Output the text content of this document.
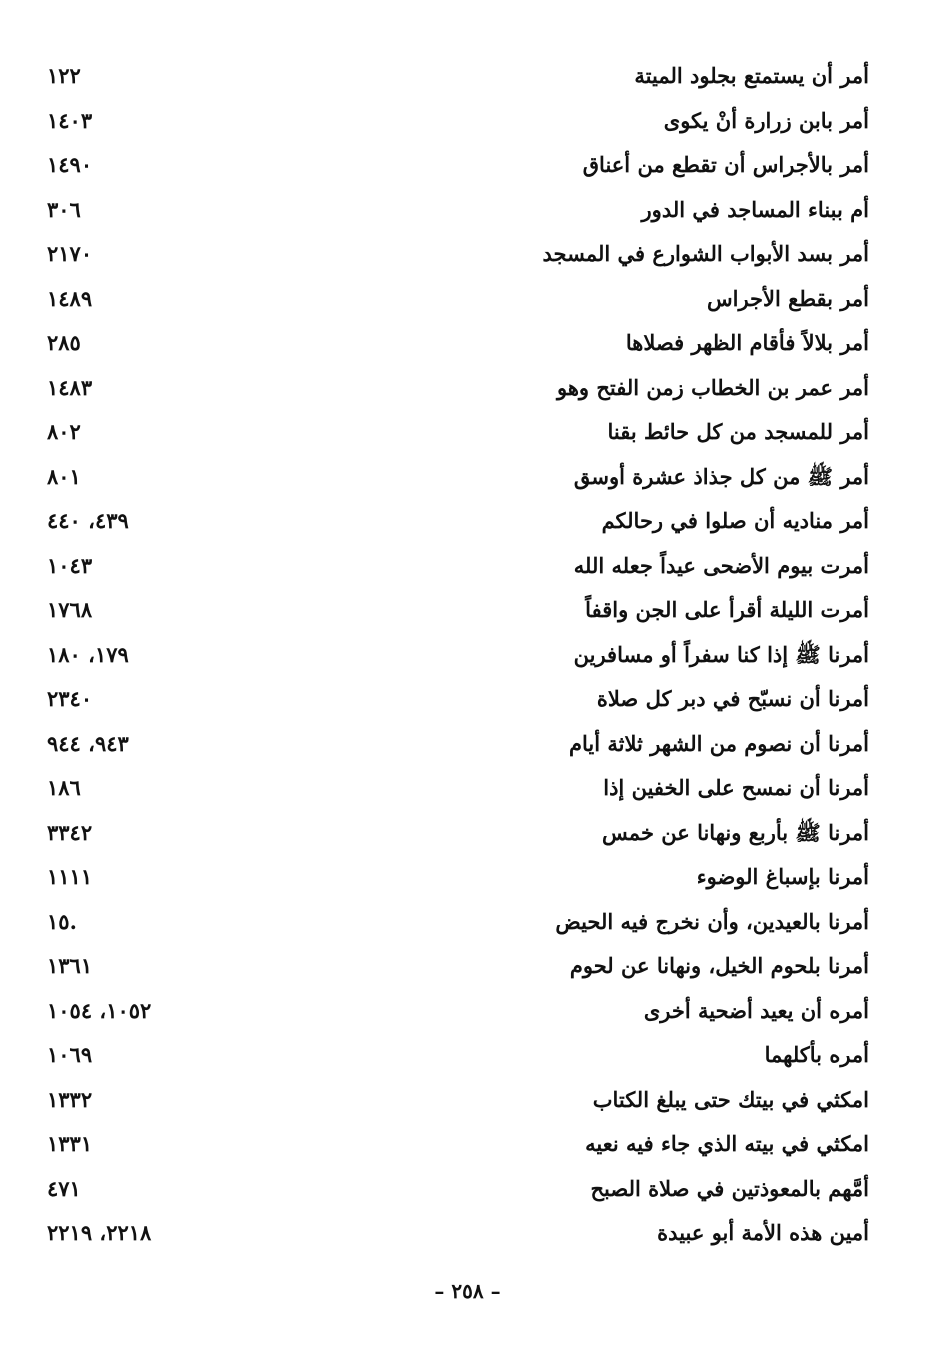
أمر أن يستمتع بجلود الميتة
١٢٢
أمر بابن زرارة أنْ يكوى
١٤٠٣
أمر بالأجراس أن تقطع من أعناق
١٤٩٠
أم ببناء المساجد في الدور
٣٠٦
أمر بسد الأبواب الشوارع في المسجد
٢١٧٠
أمر بقطع الأجراس
١٤٨٩
أمر بلالاً فأقام الظهر فصلاها
٢٨٥
أمر عمر بن الخطاب زمن الفتح وهو
١٤٨٣
أمر للمسجد من كل حائط بقنا
٨٠٢
أمر ﷺ من كل جذاذ عشرة أوسق
٨٠١
أمر مناديه أن صلوا في رحالكم
٤٣٩، ٤٤٠
أمرت بيوم الأضحى عيداً جعله الله
١٠٤٣
أمرت الليلة أقرأ على الجن واقفاً
١٧٦٨
أمرنا ﷺ إذا كنا سفراً أو مسافرين
١٧٩، ١٨٠
أمرنا أن نسبّح في دبر كل صلاة
٢٣٤٠
أمرنا أن نصوم من الشهر ثلاثة أيام
٩٤٣، ٩٤٤
أمرنا أن نمسح على الخفين إذا
١٨٦
أمرنا ﷺ بأربع ونهانا عن خمس
٣٣٤٢
أمرنا بإسباغ الوضوء
١١١١
أمرنا بالعيدين، وأن نخرج فيه الحيض
.١٥
أمرنا بلحوم الخيل، ونهانا عن لحوم
١٣٦١
أمره أن يعيد أضحية أخرى
١٠٥٢، ١٠٥٤
أمره بأكلهما
١٠٦٩
امكثي في بيتك حتى يبلغ الكتاب
١٣٣٢
امكثي في بيته الذي جاء فيه نعيه
١٣٣١
أمَّهم بالمعوذتين في صلاة الصبح
٤٧١
أمين هذه الأمة أبو عبيدة
٢٢١٨، ٢٢١٩
– ٢٥٨ –
